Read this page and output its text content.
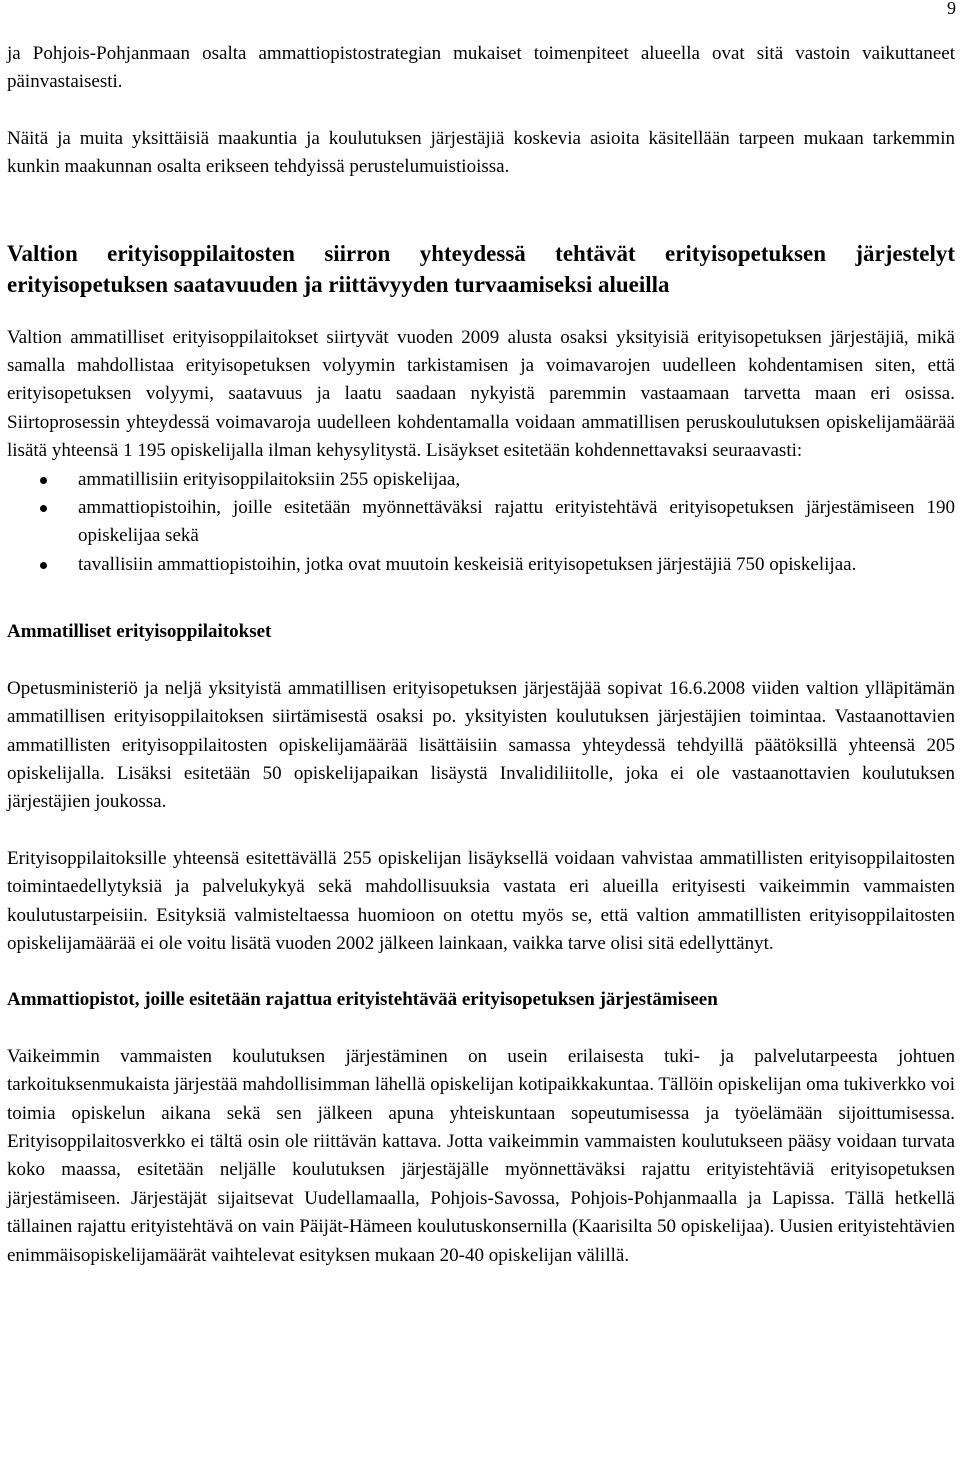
9

ja Pohjois-Pohjanmaan osalta ammattiopistostrategian mukaiset toimenpiteet alueella ovat sitä vastoin vaikuttaneet päinvastaisesti.

Näitä ja muita yksittäisiä maakuntia ja koulutuksen järjestäjiä koskevia asioita käsitellään tarpeen mukaan tarkemmin kunkin maakunnan osalta erikseen tehdyissä perustelumuistioissa.

Valtion erityisoppilaitosten siirron yhteydessä tehtävät erityisopetuksen järjestelyt erityisopetuksen saatavuuden ja riittävyyden turvaamiseksi alueilla

Valtion ammatilliset erityisoppilaitokset siirtyvät vuoden 2009 alusta osaksi yksityisiä erityisopetuksen järjestäjiä, mikä samalla mahdollistaa erityisopetuksen volyymin tarkistamisen ja voimavarojen uudelleen kohdentamisen siten, että erityisopetuksen volyymi, saatavuus ja laatu saadaan nykyistä paremmin vastaamaan tarvetta maan eri osissa. Siirtoprosessin yhteydessä voimavaroja uudelleen kohdentamalla voidaan ammatillisen peruskoulutuksen opiskelijamäärää lisätä yhteensä 1 195 opiskelijalla ilman kehysylitystä. Lisäykset esitetään kohdennettavaksi seuraavasti:

ammatillisiin erityisoppilaitoksiin 255 opiskelijaa,
ammattiopistoihin, joille esitetään myönnettäväksi rajattu erityistehtävä erityisopetuksen järjestämiseen 190 opiskelijaa sekä
tavallisiin ammattiopistoihin, jotka ovat muutoin keskeisiä erityisopetuksen järjestäjiä 750 opiskelijaa.
Ammatilliset erityisoppilaitokset

Opetusministeriö ja neljä yksityistä ammatillisen erityisopetuksen järjestäjää sopivat 16.6.2008 viiden valtion ylläpitämän ammatillisen erityisoppilaitoksen siirtämisestä osaksi po. yksityisten koulutuksen järjestäjien toimintaa. Vastaanottavien ammatillisten erityisoppilaitosten opiskelijamäärää lisättäisiin samassa yhteydessä tehdyillä päätöksillä yhteensä 205 opiskelijalla. Lisäksi esitetään 50 opiskelijapaikan lisäystä Invalidiliitolle, joka ei ole vastaanottavien koulutuksen järjestäjien joukossa.

Erityisoppilaitoksille yhteensä esitettävällä 255 opiskelijan lisäyksellä voidaan vahvistaa ammatillisten erityisoppilaitosten toimintaedellytyksiä ja palvelukykyä sekä mahdollisuuksia vastata eri alueilla erityisesti vaikeimmin vammaisten koulutustarpeisiin. Esityksiä valmisteltaessa huomioon on otettu myös se, että valtion ammatillisten erityisoppilaitosten opiskelijamäärää ei ole voitu lisätä vuoden 2002 jälkeen lainkaan, vaikka tarve olisi sitä edellyttänyt.

Ammattiopistot, joille esitetään rajattua erityistehtävää erityisopetuksen järjestämiseen

Vaikeimmin vammaisten koulutuksen järjestäminen on usein erilaisesta tuki- ja palvelutarpeesta johtuen tarkoituksenmukaista järjestää mahdollisimman lähellä opiskelijan kotipaikkakuntaa. Tällöin opiskelijan oma tukiverkko voi toimia opiskelun aikana sekä sen jälkeen apuna yhteiskuntaan sopeutumisessa ja työelämään sijoittumisessa. Erityisoppilaitosverkko ei tältä osin ole riittävän kattava. Jotta vaikeimmin vammaisten koulutukseen pääsy voidaan turvata koko maassa, esitetään neljälle koulutuksen järjestäjälle myönnettäväksi rajattu erityistehtäviä erityisopetuksen järjestämiseen. Järjestäjät sijaitsevat Uudellamaalla, Pohjois-Savossa, Pohjois-Pohjanmaalla ja Lapissa. Tällä hetkellä tällainen rajattu erityistehtävä on vain Päijät-Hämeen koulutuskonsernilla (Kaarisilta 50 opiskelijaa). Uusien erityistehtävien enimmäisopiskelijamäärät vaihtelevat esityksen mukaan 20-40 opiskelijan välillä.
